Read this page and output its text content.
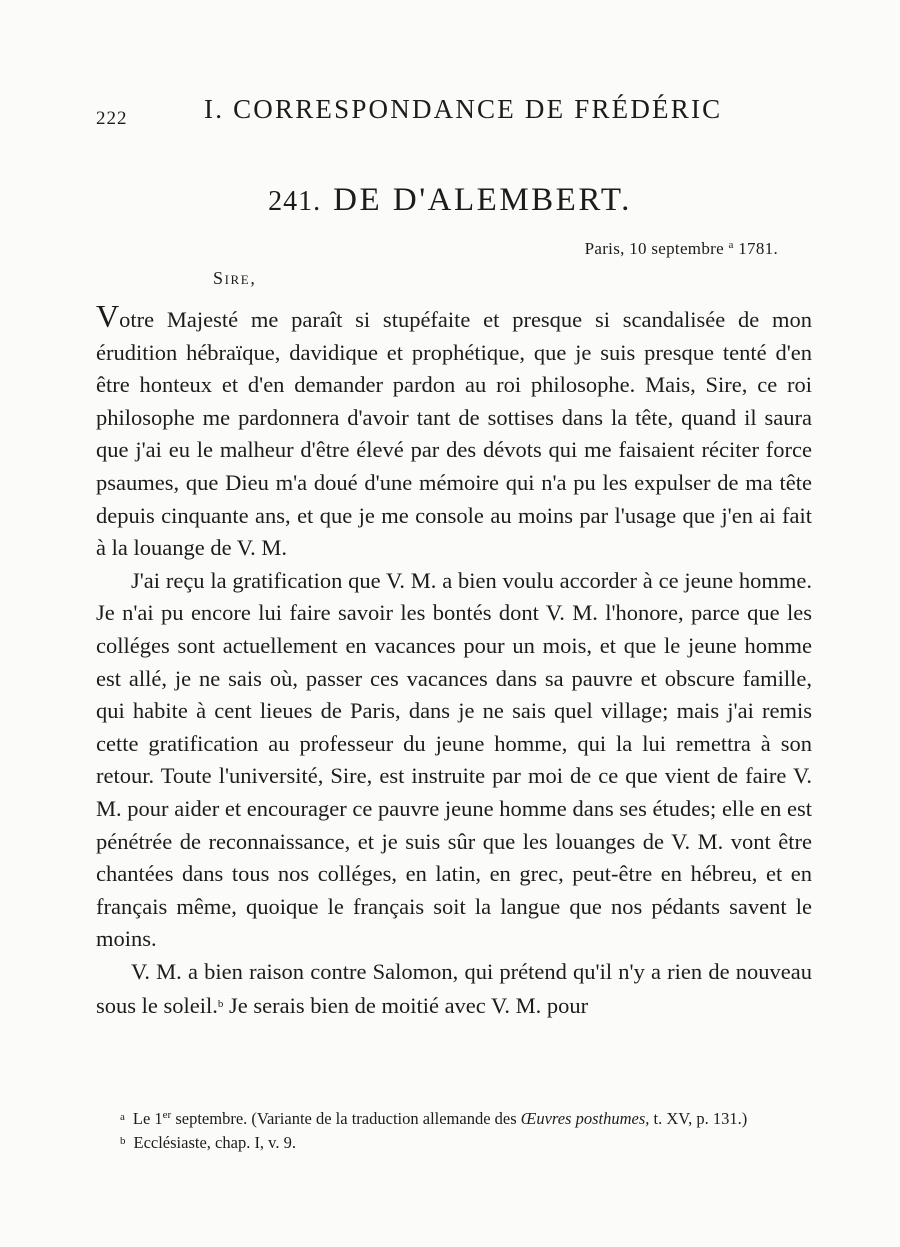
222	I. CORRESPONDANCE DE FRÉDÉRIC
241. DE D'ALEMBERT.
Paris, 10 septembre $^a$ 1781.
Sire,

Votre Majesté me paraît si stupéfaite et presque si scandalisée de mon érudition hébraïque, davidique et prophétique, que je suis presque tenté d'en être honteux et d'en demander pardon au roi philosophe. Mais, Sire, ce roi philosophe me pardonnera d'avoir tant de sottises dans la tête, quand il saura que j'ai eu le malheur d'être élevé par des dévots qui me faisaient réciter force psaumes, que Dieu m'a doué d'une mémoire qui n'a pu les expulser de ma tête depuis cinquante ans, et que je me console au moins par l'usage que j'en ai fait à la louange de V. M.

J'ai reçu la gratification que V. M. a bien voulu accorder à ce jeune homme. Je n'ai pu encore lui faire savoir les bontés dont V. M. l'honore, parce que les colléges sont actuellement en vacances pour un mois, et que le jeune homme est allé, je ne sais où, passer ces vacances dans sa pauvre et obscure famille, qui habite à cent lieues de Paris, dans je ne sais quel village; mais j'ai remis cette gratification au professeur du jeune homme, qui la lui remettra à son retour. Toute l'université, Sire, est instruite par moi de ce que vient de faire V. M. pour aider et encourager ce pauvre jeune homme dans ses études; elle en est pénétrée de reconnaissance, et je suis sûr que les louanges de V. M. vont être chantées dans tous nos colléges, en latin, en grec, peut-être en hébreu, et en français même, quoique le français soit la langue que nos pédants savent le moins.

V. M. a bien raison contre Salomon, qui prétend qu'il n'y a rien de nouveau sous le soleil.$^b$ Je serais bien de moitié avec V. M. pour

$^a$ Le 1er septembre. (Variante de la traduction allemande des Œuvres posthumes, t. XV, p. 131.)
$^b$ Ecclésiaste, chap. I, v. 9.
